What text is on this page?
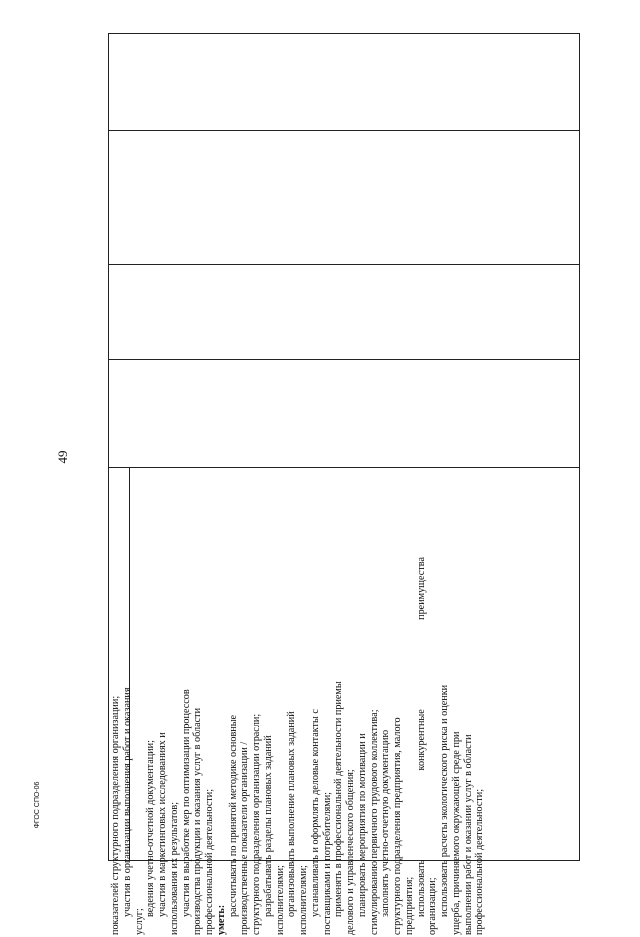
49
ФГОС СПО-06	показателей структурного подразделения организации; участия в организации выполнения работ и оказания
услуг;
ведения учетно-отчетной документации; участия в маркетинговых исследованиях и использования их результатов; участия в выработке мер по оптимизации процессов производства продукции и оказания услуг в области профессиональной деятельности; уметь:
рассчитывать по принятой методике основные производственные показатели организации / структурного подразделения организации отрасли; разрабатывать разделы плановых заданий исполнителями; организовывать выполнение плановых заданий исполнителями; устанавливать и оформлять деловые контакты с поставщиками и потребителями; применять в профессиональной деятельности приемы делового и управленческого общения; планировать мероприятия по мотивации и стимулированию первичного трудового коллектива; заполнять учетно-отчетную документацию структурного подразделения предприятия, малого предприятия; использовать
конкурентные
преимущества
организации; использовать расчеты экологического риска и оценки ущерба, причиняемого окружающей среде при выполнении работ и оказании услуг в области профессиональной деятельности;
